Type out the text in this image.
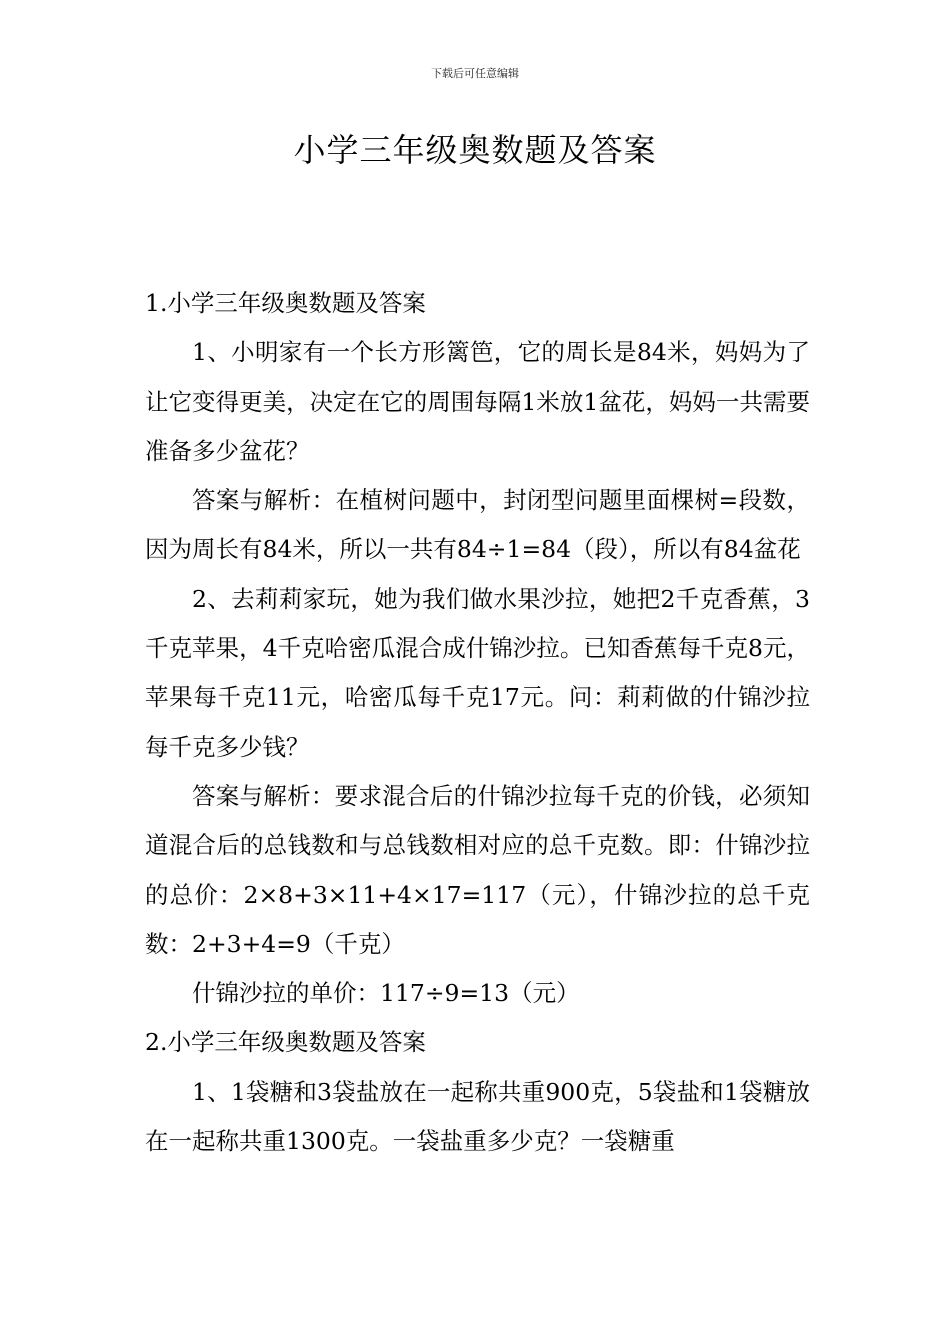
下载后可任意编辑
小学三年级奥数题及答案

1.小学三年级奥数题及答案

1、小明家有一个长方形篱笆，它的周长是84米，妈妈为了让它变得更美，决定在它的周围每隔1米放1盆花，妈妈一共需要准备多少盆花？

答案与解析：在植树问题中，封闭型问题里面棵树=段数，因为周长有84米，所以一共有84÷1=84（段），所以有84盆花

2、去莉莉家玩，她为我们做水果沙拉，她把2千克香蕉，3千克苹果，4千克哈密瓜混合成什锦沙拉。已知香蕉每千克8元，苹果每千克11元，哈密瓜每千克17元。问：莉莉做的什锦沙拉每千克多少钱？

答案与解析：要求混合后的什锦沙拉每千克的价钱，必须知道混合后的总钱数和与总钱数相对应的总千克数。即：什锦沙拉的总价：2×8+3×11+4×17=117（元），什锦沙拉的总千克数：2+3+4=9（千克）

什锦沙拉的单价：117÷9=13（元）

2.小学三年级奥数题及答案

1、1袋糖和3袋盐放在一起称共重900克，5袋盐和1袋糖放在一起称共重1300克。一袋盐重多少克？一袋糖重
